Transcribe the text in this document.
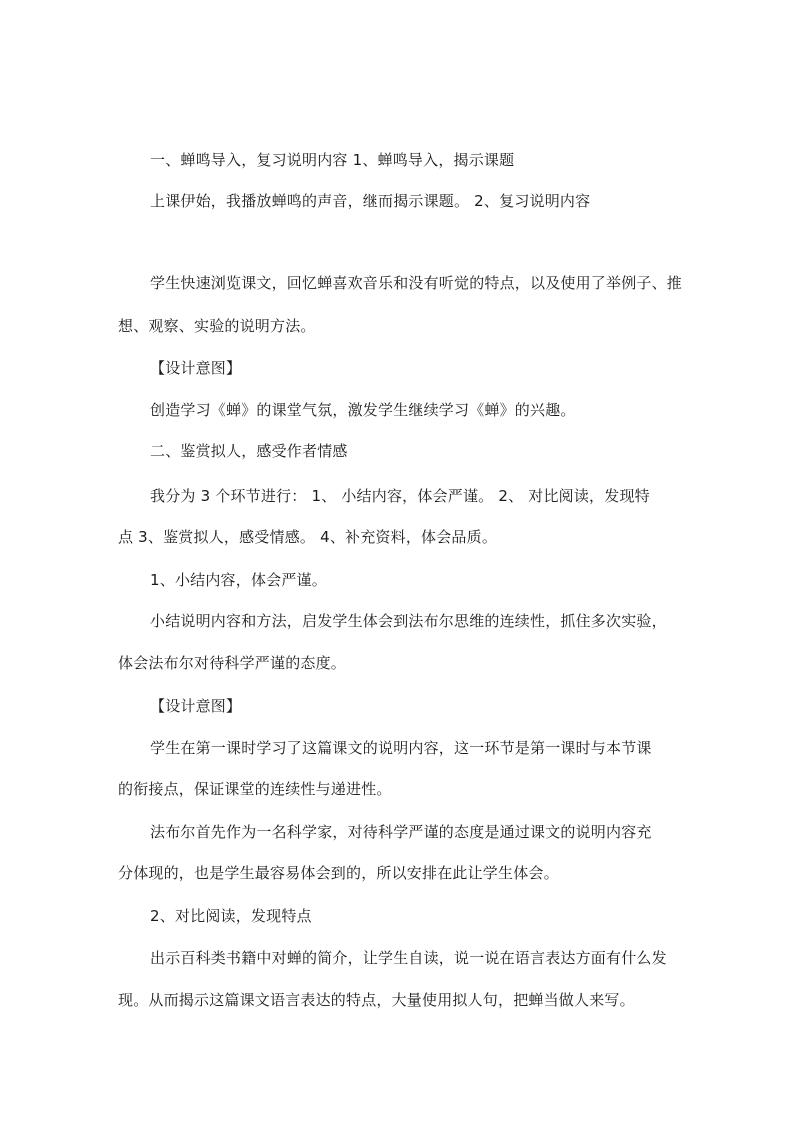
一、蝉鸣导入，复习说明内容 1、蝉鸣导入，揭示课题
上课伊始，我播放蝉鸣的声音，继而揭示课题。 2、复习说明内容
学生快速浏览课文，回忆蝉喜欢音乐和没有听觉的特点，以及使用了举例子、推
想、观察、实验的说明方法。
【设计意图】
创造学习《蝉》的课堂气氛，激发学生继续学习《蝉》的兴趣。
二、鉴赏拟人，感受作者情感
我分为 3 个环节进行： 1、 小结内容，体会严谨。 2、 对比阅读，发现特
点 3、鉴赏拟人，感受情感。 4、补充资料，体会品质。
1、小结内容，体会严谨。
小结说明内容和方法，启发学生体会到法布尔思维的连续性，抓住多次实验，
体会法布尔对待科学严谨的态度。
【设计意图】
学生在第一课时学习了这篇课文的说明内容，这一环节是第一课时与本节课
的衔接点，保证课堂的连续性与递进性。
法布尔首先作为一名科学家，对待科学严谨的态度是通过课文的说明内容充
分体现的，也是学生最容易体会到的，所以安排在此让学生体会。
2、对比阅读，发现特点
出示百科类书籍中对蝉的简介，让学生自读，说一说在语言表达方面有什么发
现。从而揭示这篇课文语言表达的特点，大量使用拟人句，把蝉当做人来写。
